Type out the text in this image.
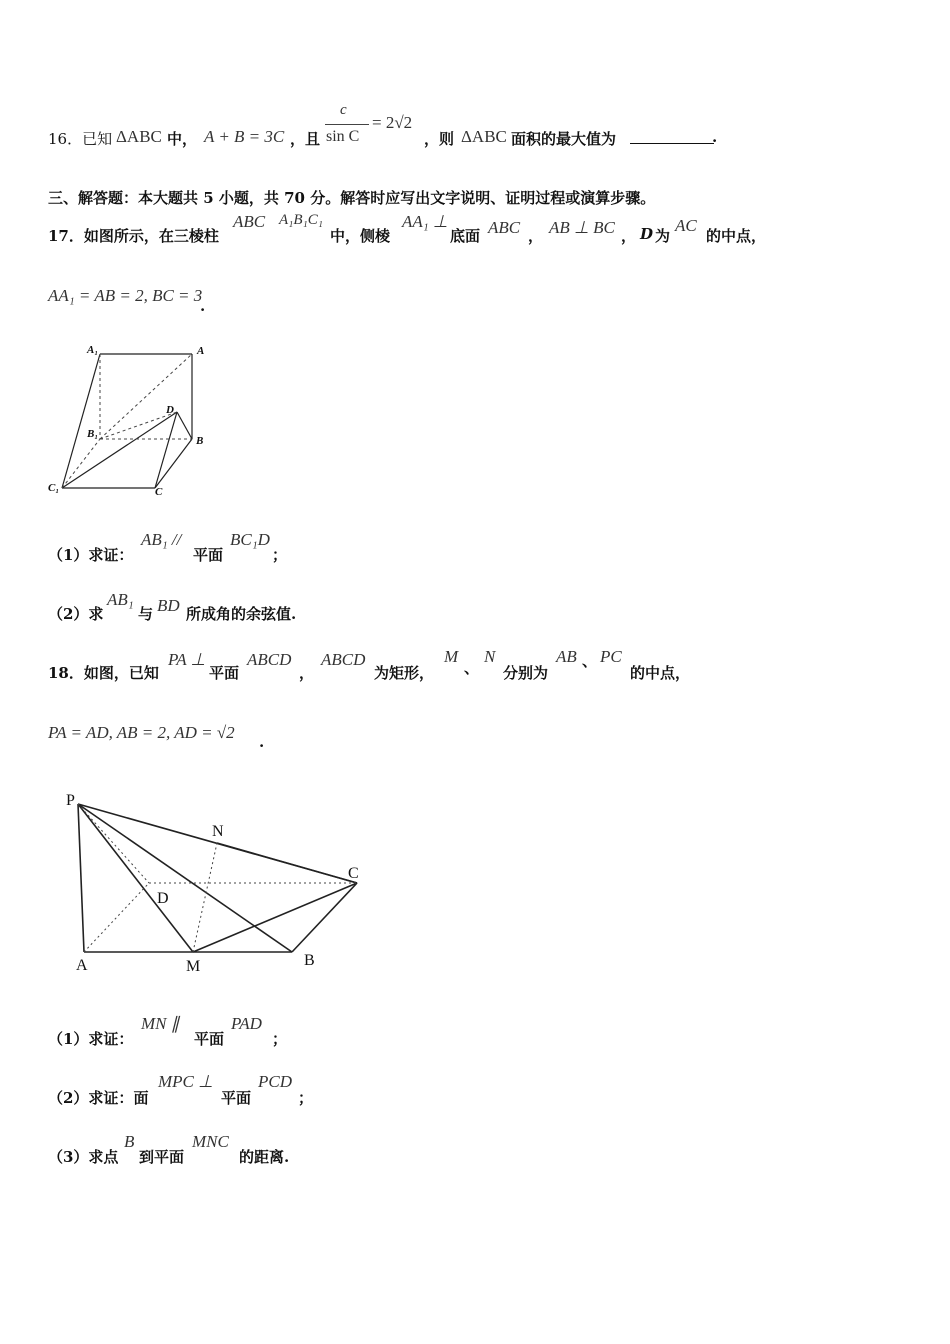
16．已知 ΔABC 中， A + B = 3C ，且
c
sin C
= 2√2
，则 ΔABC 面积的最大值为	.
三、解答题：本大题共 5 小题，共 70 分。解答时应写出文字说明、证明过程或演算步骤。
17．如图所示，在三棱柱
ABC A₁B₁C₁
中，侧棱
AA₁ ⊥
底面 ABC ， AB ⊥ BC ， D 为
AC
的中点，
AA₁ = AB = 2, BC = 3
.
A₁	A
D
B₁
B
C₁	C
（1）求证：
AB₁ //
平面
BC₁D
；
（2）求
AB₁
与 BD 所成角的余弦值.
18．如图，已知
PA ⊥
平面
ABCD
，
ABCD
为矩形，
M
、
N
分别为
AB 、 PC
的中点，
PA = AD, AB = 2, AD = √2 .
P
N
C
D
A	M	B
（1）求证：
MN ∥
平面
PAD
；
（2）求证：面
MPC ⊥
平面
PCD
；
（3）求点
B
到平面
MNC
的距离.
